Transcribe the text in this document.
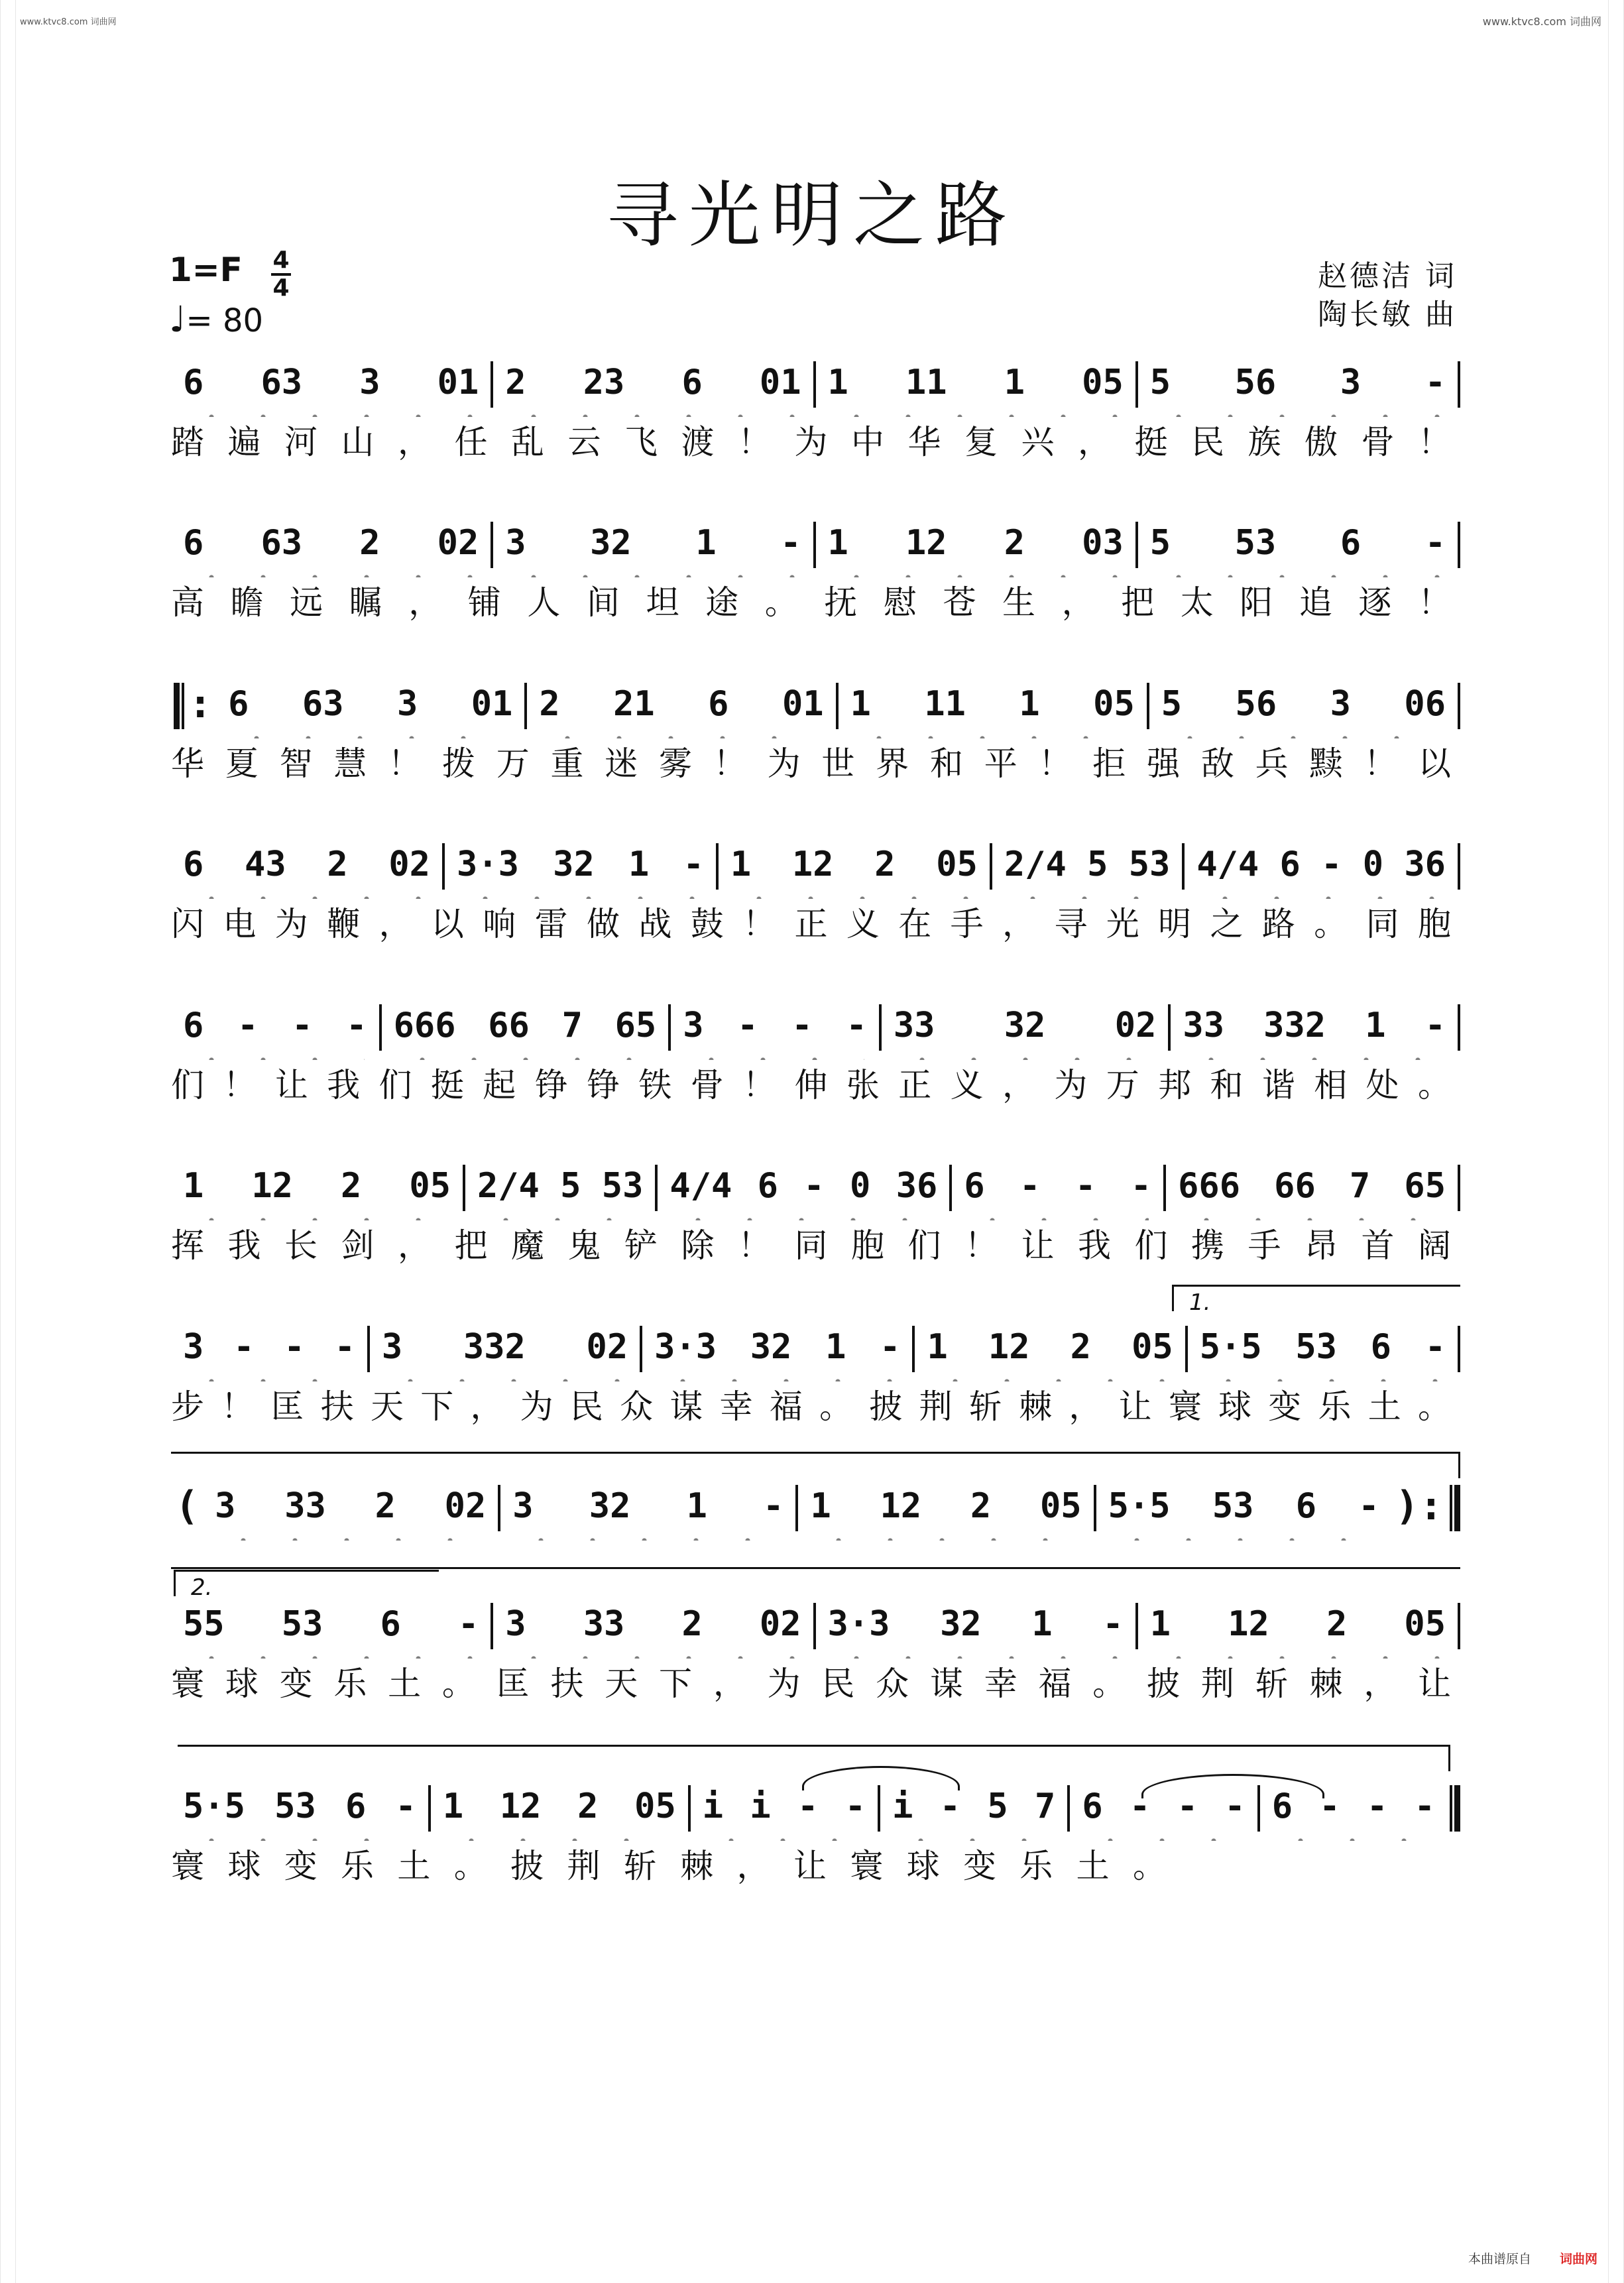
www.ktvc8.com 词曲网	www.ktvc8.com 词曲网
寻光明之路
1=F 4
4
♩= 80
赵德洁 词
陶长敏 曲
6 63 3 01 2 23 6 01 1 11 1 05 5 56 3 -
踏遍河山，任乱云飞渡！为中华复兴，挺民族傲骨！
6 63 2 02 3 32 1 - 1 12 2 03 5 53 6 -
高瞻远瞩，铺人间坦途。抚慰苍生，把太阳追逐！
: 6 63 3 01 2 21 6 01 1 11 1 05 5 56 3 06
华夏智慧！拨万重迷雾！为世界和平！拒强敌兵黩！以
6 43 2 02 3·3 32 1 - 1 12 2 05 2/4 5 53 4/4 6 - 0 36
闪电为鞭，以响雷做战鼓！正义在手，寻光明之路。同胞
6 - - - 666 66 7 65 3 - - - 33 32 02 33 332 1 -
们！让我们挺起铮铮铁骨！伸张正义，为万邦和谐相处。
1 12 2 05 2/4 5 53 4/4 6 - 0 36 6 - - - 666 66 7 65
挥我长剑，把魔鬼铲除！同胞们！让我们携手昂首阔
1.
3 - - - 3 332 02 3·3 32 1 - 1 12 2 05 5·5 53 6 -
步！匡扶天下，为民众谋幸福。披荆斩棘，让寰球变乐土。
( 3 33 2 02 3 32 1 - 1 12 2 05 5·5 53 6 - ):
2.
55 53 6 - 3 33 2 02 3·3 32 1 - 1 12 2 05
寰球变乐土。匡扶天下，为民众谋幸福。披荆斩棘，让
5·5 53 6 - 1 12 2 05 i i - - i - 5 7 6 - - - 6 - - -
寰球变乐土。披荆斩棘，让寰球变乐土。
本曲谱原自 词曲网
